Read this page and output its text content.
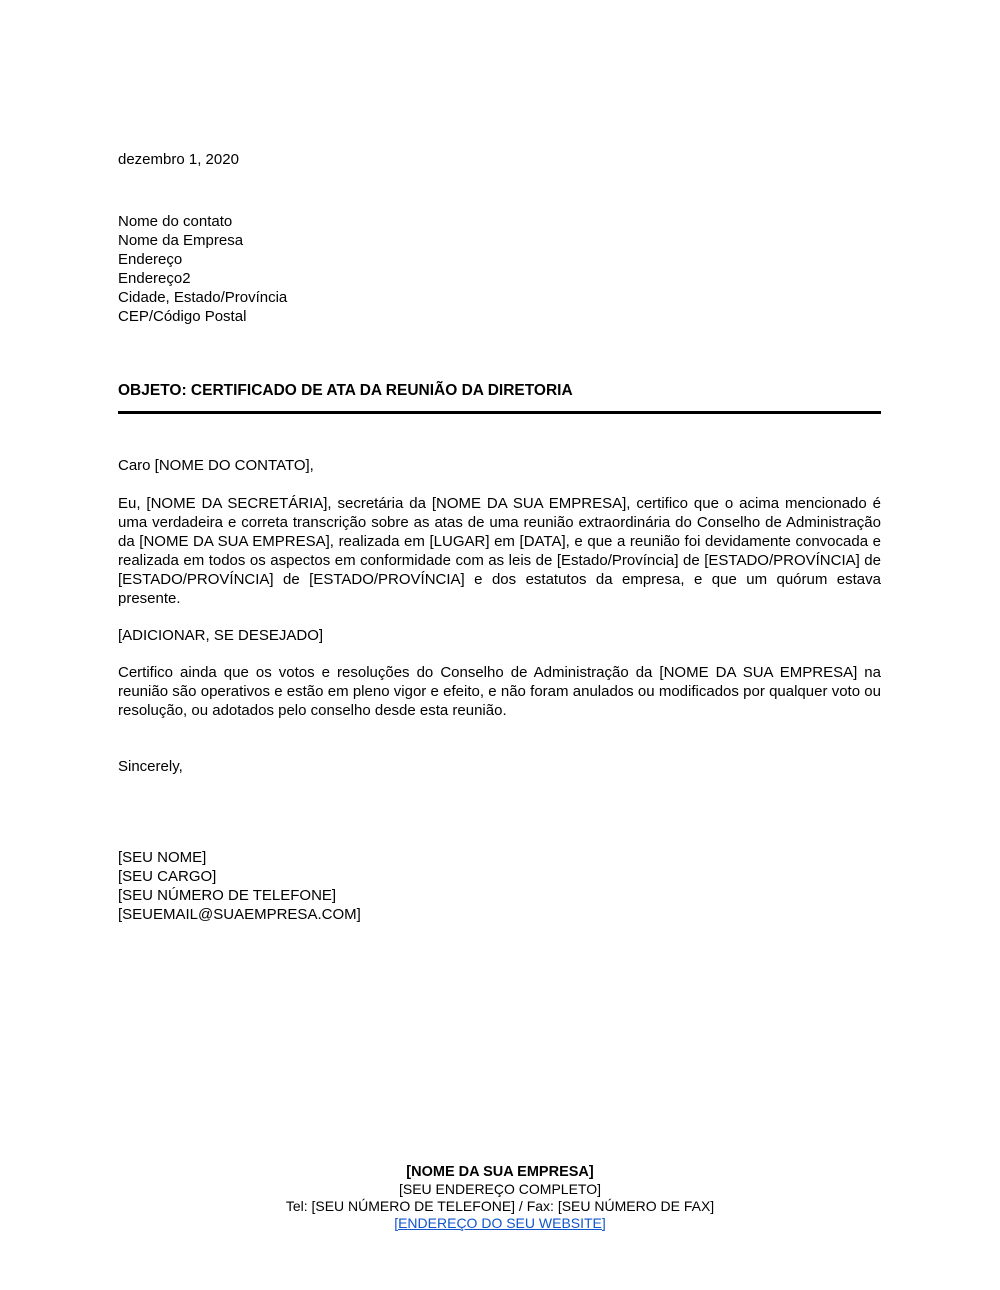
dezembro 1, 2020
Nome do contato
Nome da Empresa
Endereço
Endereço2
Cidade, Estado/Província
CEP/Código Postal
OBJETO: CERTIFICADO DE ATA DA REUNIÃO DA DIRETORIA
Caro [NOME DO CONTATO],

Eu, [NOME DA SECRETÁRIA], secretária da [NOME DA SUA EMPRESA], certifico que o acima mencionado é uma verdadeira e correta transcrição sobre as atas de uma reunião extraordinária do Conselho de Administração da [NOME DA SUA EMPRESA], realizada em [LUGAR] em [DATA], e que a reunião foi devidamente convocada e realizada em todos os aspectos em conformidade com as leis de [Estado/Província] de [ESTADO/PROVÍNCIA] de [ESTADO/PROVÍNCIA] de [ESTADO/PROVÍNCIA] e dos estatutos da empresa, e que um quórum estava presente.

[ADICIONAR, SE DESEJADO]

Certifico ainda que os votos e resoluções do Conselho de Administração da [NOME DA SUA EMPRESA] na reunião são operativos e estão em pleno vigor e efeito, e não foram anulados ou modificados por qualquer voto ou resolução, ou adotados pelo conselho desde esta reunião.

Sincerely,
[SEU NOME]
[SEU CARGO]
[SEU NÚMERO DE TELEFONE]
[SEUEMAIL@SUAEMPRESA.COM]
[NOME DA SUA EMPRESA]
[SEU ENDEREÇO COMPLETO]
Tel: [SEU NÚMERO DE TELEFONE] / Fax: [SEU NÚMERO DE FAX]
[ENDEREÇO DO SEU WEBSITE]
